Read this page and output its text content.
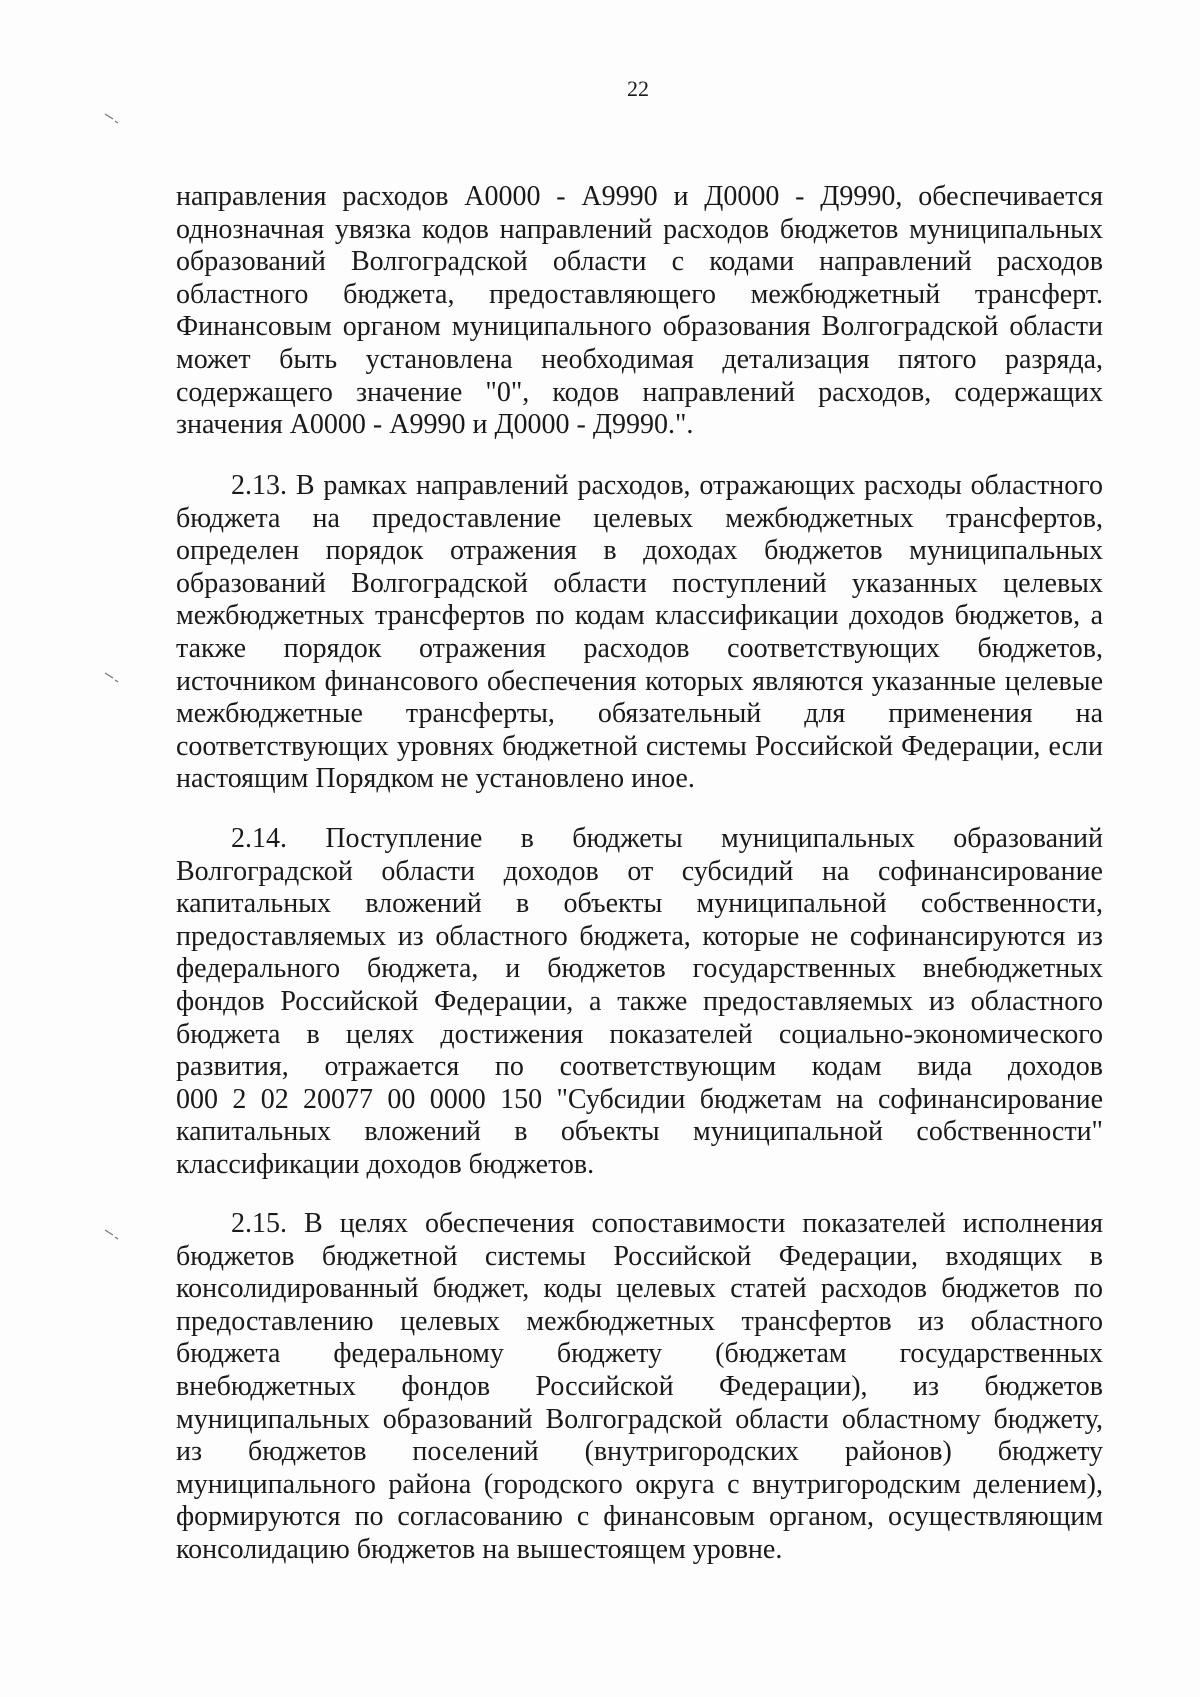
22
направления расходов А0000 - А9990 и Д0000 - Д9990, обеспечивается
однозначная увязка кодов направлений расходов бюджетов муниципальных
образований Волгоградской области с кодами направлений расходов
областного бюджета, предоставляющего межбюджетный трансферт.
Финансовым органом муниципального образования Волгоградской области
может быть установлена необходимая детализация пятого разряда,
содержащего значение "0", кодов направлений расходов, содержащих
значения А0000 - А9990 и Д0000 - Д9990.".
2.13. В рамках направлений расходов, отражающих расходы областного
бюджета на предоставление целевых межбюджетных трансфертов,
определен порядок отражения в доходах бюджетов муниципальных
образований Волгоградской области поступлений указанных целевых
межбюджетных трансфертов по кодам классификации доходов бюджетов, а
также порядок отражения расходов соответствующих бюджетов,
источником финансового обеспечения которых являются указанные целевые
межбюджетные трансферты, обязательный для применения на
соответствующих уровнях бюджетной системы Российской Федерации, если
настоящим Порядком не установлено иное.
2.14. Поступление в бюджеты муниципальных образований
Волгоградской области доходов от субсидий на софинансирование
капитальных вложений в объекты муниципальной собственности,
предоставляемых из областного бюджета, которые не софинансируются из
федерального бюджета, и бюджетов государственных внебюджетных
фондов Российской Федерации, а также предоставляемых из областного
бюджета в целях достижения показателей социально-экономического
развития, отражается по соответствующим кодам вида доходов
000 2 02 20077 00 0000 150 "Субсидии бюджетам на софинансирование
капитальных вложений в объекты муниципальной собственности"
классификации доходов бюджетов.
2.15. В целях обеспечения сопоставимости показателей исполнения
бюджетов бюджетной системы Российской Федерации, входящих в
консолидированный бюджет, коды целевых статей расходов бюджетов по
предоставлению целевых межбюджетных трансфертов из областного
бюджета федеральному бюджету (бюджетам государственных
внебюджетных фондов Российской Федерации), из бюджетов
муниципальных образований Волгоградской области областному бюджету,
из бюджетов поселений (внутригородских районов) бюджету
муниципального района (городского округа с внутригородским делением),
формируются по согласованию с финансовым органом, осуществляющим
консолидацию бюджетов на вышестоящем уровне.
